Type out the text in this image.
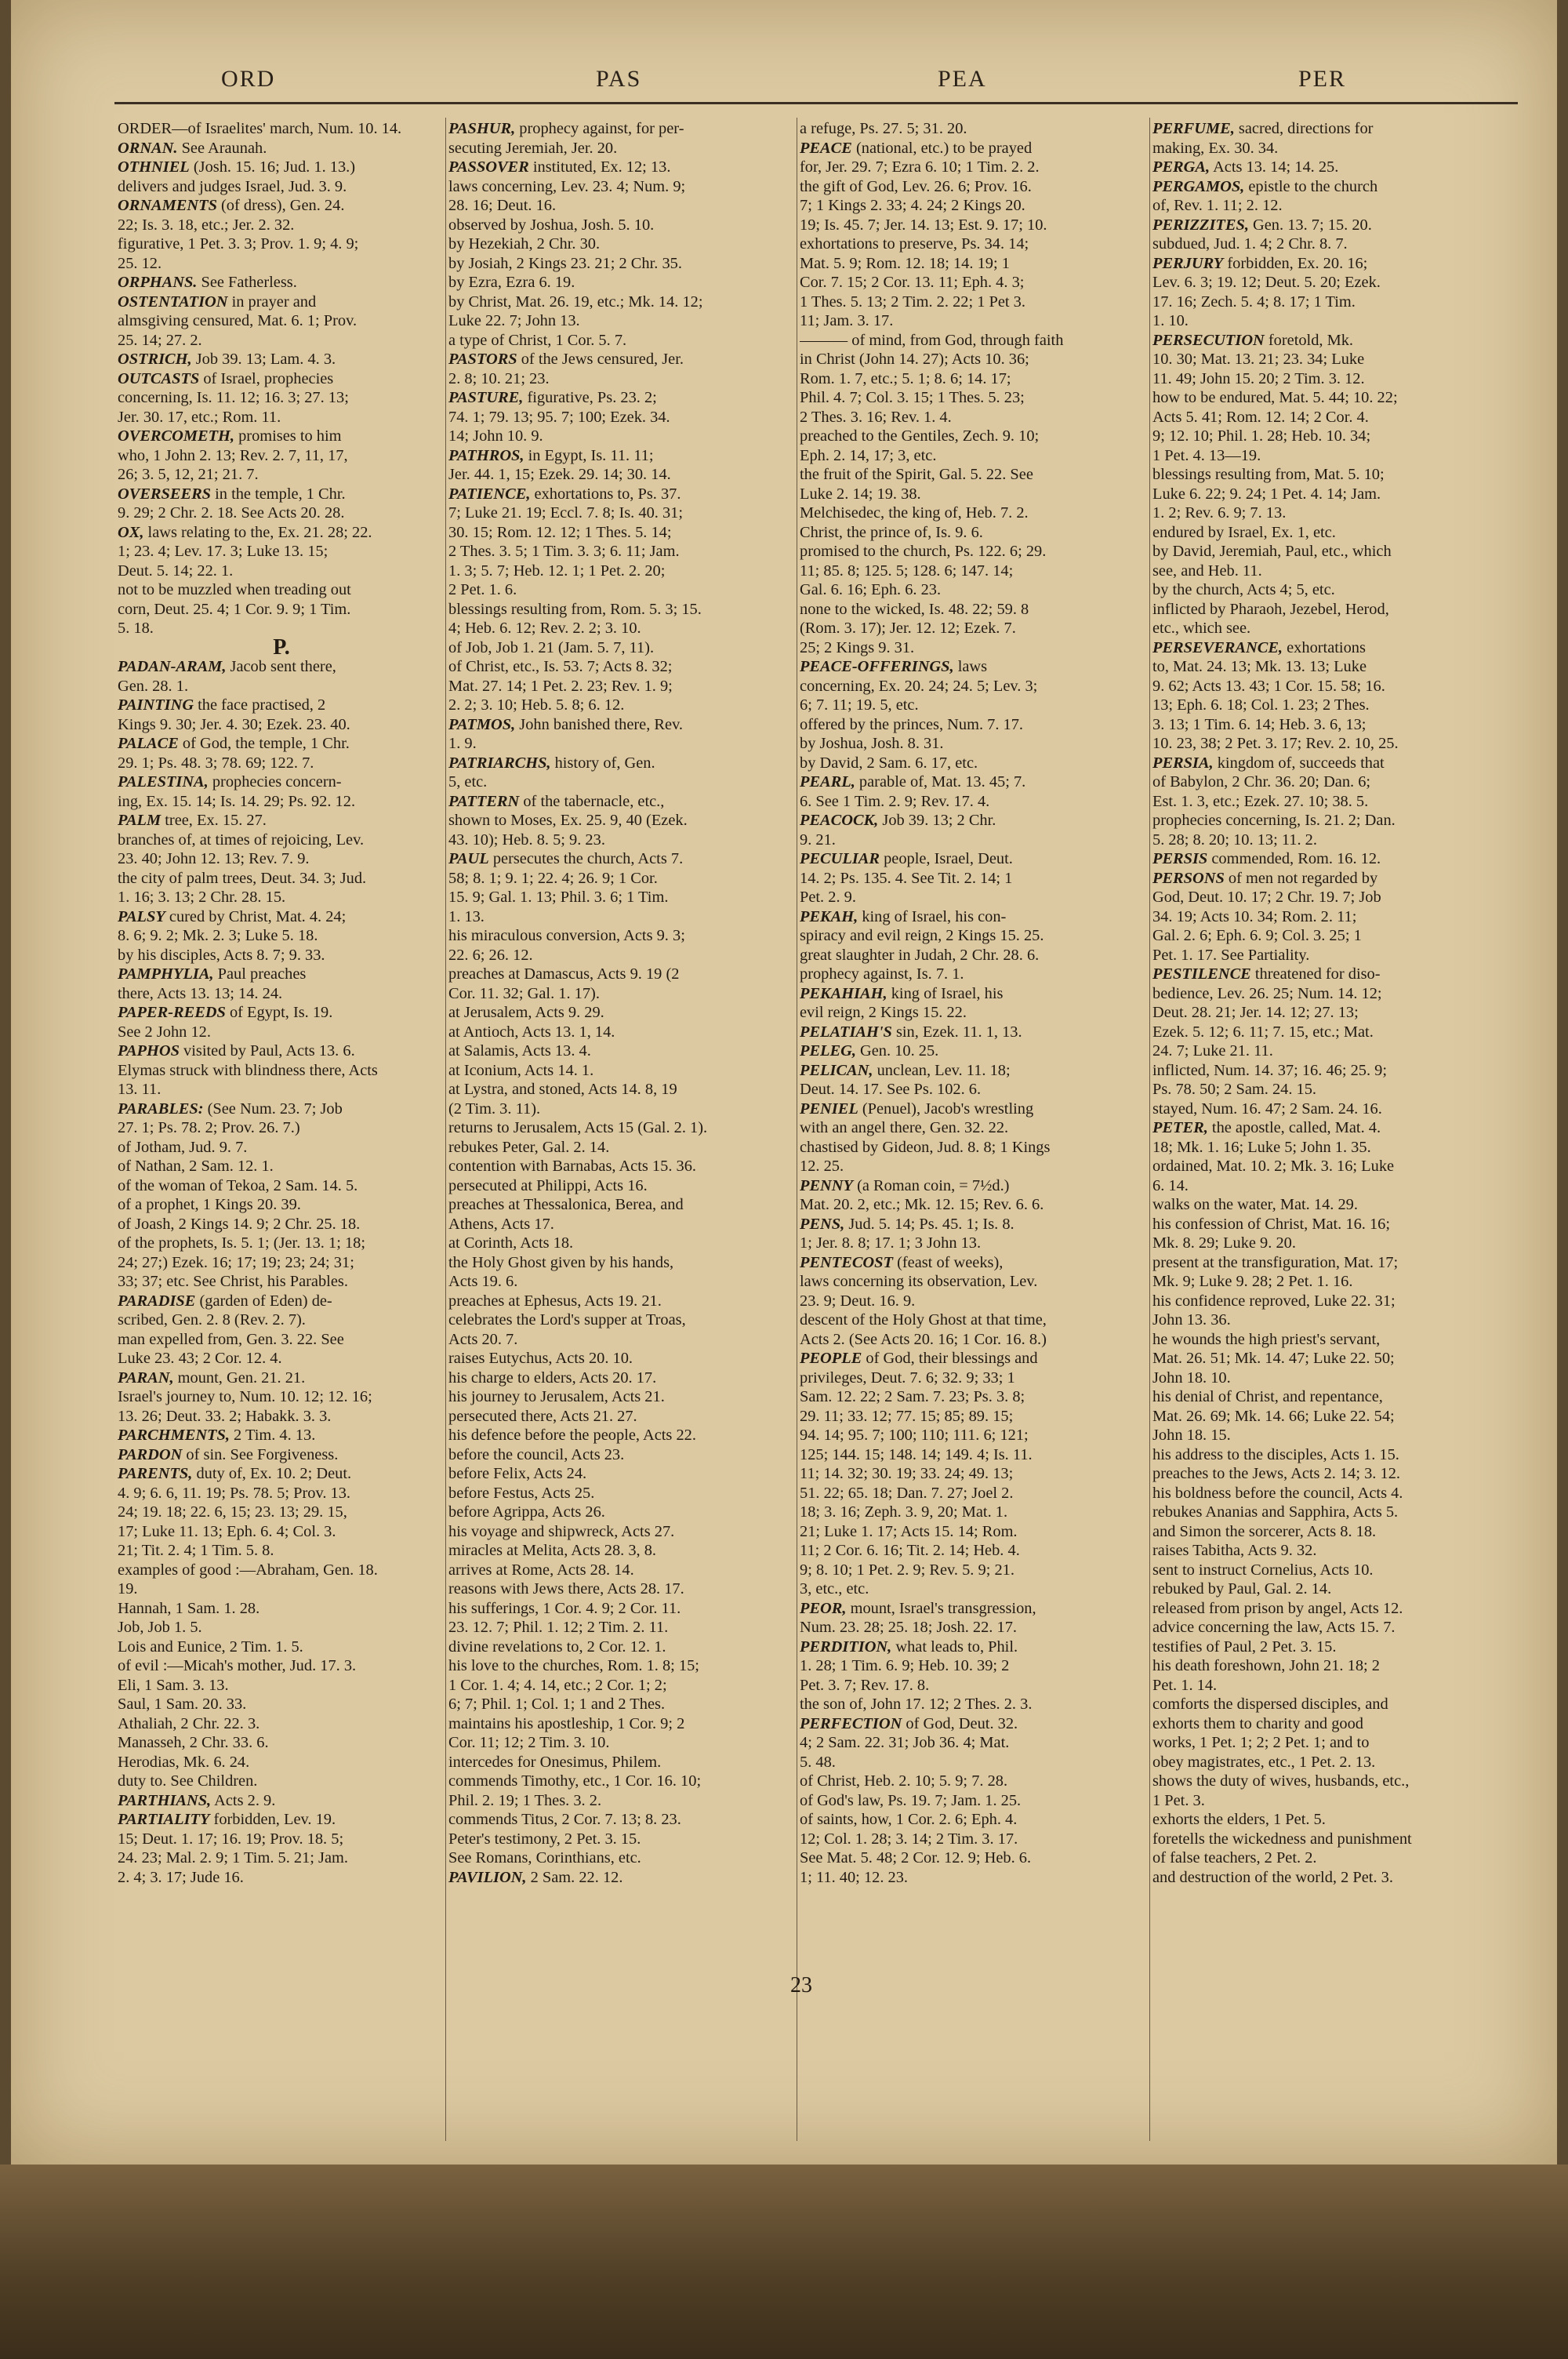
ORD	PAS	PEA	PER
ORDER—of Israelites' march, Num. 10. 14.
ORNAN. See Araunah.
OTHNIEL (Josh. 15. 16; Jud. 1. 13.)
delivers and judges Israel, Jud. 3. 9.
ORNAMENTS (of dress), Gen. 24.
22; Is. 3. 18, etc.; Jer. 2. 32.
figurative, 1 Pet. 3. 3; Prov. 1. 9; 4. 9;
25. 12.
ORPHANS. See Fatherless.
OSTENTATION in prayer and
almsgiving censured, Mat. 6. 1; Prov.
25. 14; 27. 2.
OSTRICH, Job 39. 13; Lam. 4. 3.
OUTCASTS of Israel, prophecies
concerning, Is. 11. 12; 16. 3; 27. 13;
Jer. 30. 17, etc.; Rom. 11.
OVERCOMETH, promises to him
who, 1 John 2. 13; Rev. 2. 7, 11, 17,
26; 3. 5, 12, 21; 21. 7.
OVERSEERS in the temple, 1 Chr.
9. 29; 2 Chr. 2. 18. See Acts 20. 28.
OX, laws relating to the, Ex. 21. 28; 22.
1; 23. 4; Lev. 17. 3; Luke 13. 15;
Deut. 5. 14; 22. 1.
not to be muzzled when treading out
corn, Deut. 25. 4; 1 Cor. 9. 9; 1 Tim.
5. 18.
P.
PADAN-ARAM, Jacob sent there,
Gen. 28. 1.
PAINTING the face practised, 2
Kings 9. 30; Jer. 4. 30; Ezek. 23. 40.
PALACE of God, the temple, 1 Chr.
29. 1; Ps. 48. 3; 78. 69; 122. 7.
PALESTINA, prophecies concern-
ing, Ex. 15. 14; Is. 14. 29; Ps. 92. 12.
PALM tree, Ex. 15. 27.
branches of, at times of rejoicing, Lev.
23. 40; John 12. 13; Rev. 7. 9.
the city of palm trees, Deut. 34. 3; Jud.
1. 16; 3. 13; 2 Chr. 28. 15.
PALSY cured by Christ, Mat. 4. 24;
8. 6; 9. 2; Mk. 2. 3; Luke 5. 18.
by his disciples, Acts 8. 7; 9. 33.
PAMPHYLIA, Paul preaches
there, Acts 13. 13; 14. 24.
PAPER-REEDS of Egypt, Is. 19.
See 2 John 12.
PAPHOS visited by Paul, Acts 13. 6.
Elymas struck with blindness there, Acts
13. 11.
PARABLES: (See Num. 23. 7; Job
27. 1; Ps. 78. 2; Prov. 26. 7.)
of Jotham, Jud. 9. 7.
of Nathan, 2 Sam. 12. 1.
of the woman of Tekoa, 2 Sam. 14. 5.
of a prophet, 1 Kings 20. 39.
of Joash, 2 Kings 14. 9; 2 Chr. 25. 18.
of the prophets, Is. 5. 1; (Jer. 13. 1; 18;
24; 27;) Ezek. 16; 17; 19; 23; 24; 31;
33; 37; etc. See Christ, his Parables.
PARADISE (garden of Eden) de-
scribed, Gen. 2. 8 (Rev. 2. 7).
man expelled from, Gen. 3. 22. See
Luke 23. 43; 2 Cor. 12. 4.
PARAN, mount, Gen. 21. 21.
Israel's journey to, Num. 10. 12; 12. 16;
13. 26; Deut. 33. 2; Habakk. 3. 3.
PARCHMENTS, 2 Tim. 4. 13.
PARDON of sin. See Forgiveness.
PARENTS, duty of, Ex. 10. 2; Deut.
4. 9; 6. 6, 11. 19; Ps. 78. 5; Prov. 13.
24; 19. 18; 22. 6, 15; 23. 13; 29. 15,
17; Luke 11. 13; Eph. 6. 4; Col. 3.
21; Tit. 2. 4; 1 Tim. 5. 8.
examples of good :—Abraham, Gen. 18.
19.
Hannah, 1 Sam. 1. 28.
Job, Job 1. 5.
Lois and Eunice, 2 Tim. 1. 5.
of evil :—Micah's mother, Jud. 17. 3.
Eli, 1 Sam. 3. 13.
Saul, 1 Sam. 20. 33.
Athaliah, 2 Chr. 22. 3.
Manasseh, 2 Chr. 33. 6.
Herodias, Mk. 6. 24.
duty to. See Children.
PARTHIANS, Acts 2. 9.
PARTIALITY forbidden, Lev. 19.
15; Deut. 1. 17; 16. 19; Prov. 18. 5;
24. 23; Mal. 2. 9; 1 Tim. 5. 21; Jam.
2. 4; 3. 17; Jude 16.
PASHUR, prophecy against, for per-
secuting Jeremiah, Jer. 20.
PASSOVER instituted, Ex. 12; 13.
laws concerning, Lev. 23. 4; Num. 9;
28. 16; Deut. 16.
observed by Joshua, Josh. 5. 10.
by Hezekiah, 2 Chr. 30.
by Josiah, 2 Kings 23. 21; 2 Chr. 35.
by Ezra, Ezra 6. 19.
by Christ, Mat. 26. 19, etc.; Mk. 14. 12;
Luke 22. 7; John 13.
a type of Christ, 1 Cor. 5. 7.
PASTORS of the Jews censured, Jer.
2. 8; 10. 21; 23.
PASTURE, figurative, Ps. 23. 2;
74. 1; 79. 13; 95. 7; 100; Ezek. 34.
14; John 10. 9.
PATHROS, in Egypt, Is. 11. 11;
Jer. 44. 1, 15; Ezek. 29. 14; 30. 14.
PATIENCE, exhortations to, Ps. 37.
7; Luke 21. 19; Eccl. 7. 8; Is. 40. 31;
30. 15; Rom. 12. 12; 1 Thes. 5. 14;
2 Thes. 3. 5; 1 Tim. 3. 3; 6. 11; Jam.
1. 3; 5. 7; Heb. 12. 1; 1 Pet. 2. 20;
2 Pet. 1. 6.
blessings resulting from, Rom. 5. 3; 15.
4; Heb. 6. 12; Rev. 2. 2; 3. 10.
of Job, Job 1. 21 (Jam. 5. 7, 11).
of Christ, etc., Is. 53. 7; Acts 8. 32;
Mat. 27. 14; 1 Pet. 2. 23; Rev. 1. 9;
2. 2; 3. 10; Heb. 5. 8; 6. 12.
PATMOS, John banished there, Rev.
1. 9.
PATRIARCHS, history of, Gen.
5, etc.
PATTERN of the tabernacle, etc.,
shown to Moses, Ex. 25. 9, 40 (Ezek.
43. 10); Heb. 8. 5; 9. 23.
PAUL persecutes the church, Acts 7.
58; 8. 1; 9. 1; 22. 4; 26. 9; 1 Cor.
15. 9; Gal. 1. 13; Phil. 3. 6; 1 Tim.
1. 13.
his miraculous conversion, Acts 9. 3;
22. 6; 26. 12.
preaches at Damascus, Acts 9. 19 (2
Cor. 11. 32; Gal. 1. 17).
at Jerusalem, Acts 9. 29.
at Antioch, Acts 13. 1, 14.
at Salamis, Acts 13. 4.
at Iconium, Acts 14. 1.
at Lystra, and stoned, Acts 14. 8, 19
(2 Tim. 3. 11).
returns to Jerusalem, Acts 15 (Gal. 2. 1).
rebukes Peter, Gal. 2. 14.
contention with Barnabas, Acts 15. 36.
persecuted at Philippi, Acts 16.
preaches at Thessalonica, Berea, and
Athens, Acts 17.
at Corinth, Acts 18.
the Holy Ghost given by his hands,
Acts 19. 6.
preaches at Ephesus, Acts 19. 21.
celebrates the Lord's supper at Troas,
Acts 20. 7.
raises Eutychus, Acts 20. 10.
his charge to elders, Acts 20. 17.
his journey to Jerusalem, Acts 21.
persecuted there, Acts 21. 27.
his defence before the people, Acts 22.
before the council, Acts 23.
before Felix, Acts 24.
before Festus, Acts 25.
before Agrippa, Acts 26.
his voyage and shipwreck, Acts 27.
miracles at Melita, Acts 28. 3, 8.
arrives at Rome, Acts 28. 14.
reasons with Jews there, Acts 28. 17.
his sufferings, 1 Cor. 4. 9; 2 Cor. 11.
23. 12. 7; Phil. 1. 12; 2 Tim. 2. 11.
divine revelations to, 2 Cor. 12. 1.
his love to the churches, Rom. 1. 8; 15;
1 Cor. 1. 4; 4. 14, etc.; 2 Cor. 1; 2;
6; 7; Phil. 1; Col. 1; 1 and 2 Thes.
maintains his apostleship, 1 Cor. 9; 2
Cor. 11; 12; 2 Tim. 3. 10.
intercedes for Onesimus, Philem.
commends Timothy, etc., 1 Cor. 16. 10;
Phil. 2. 19; 1 Thes. 3. 2.
commends Titus, 2 Cor. 7. 13; 8. 23.
Peter's testimony, 2 Pet. 3. 15.
See Romans, Corinthians, etc.
PAVILION, 2 Sam. 22. 12.
a refuge, Ps. 27. 5; 31. 20.
PEACE (national, etc.) to be prayed
for, Jer. 29. 7; Ezra 6. 10; 1 Tim. 2. 2.
the gift of God, Lev. 26. 6; Prov. 16.
7; 1 Kings 2. 33; 4. 24; 2 Kings 20.
19; Is. 45. 7; Jer. 14. 13; Est. 9. 17; 10.
exhortations to preserve, Ps. 34. 14;
Mat. 5. 9; Rom. 12. 18; 14. 19; 1
Cor. 7. 15; 2 Cor. 13. 11; Eph. 4. 3;
1 Thes. 5. 13; 2 Tim. 2. 22; 1 Pet 3.
11; Jam. 3. 17.
——— of mind, from God, through faith
in Christ (John 14. 27); Acts 10. 36;
Rom. 1. 7, etc.; 5. 1; 8. 6; 14. 17;
Phil. 4. 7; Col. 3. 15; 1 Thes. 5. 23;
2 Thes. 3. 16; Rev. 1. 4.
preached to the Gentiles, Zech. 9. 10;
Eph. 2. 14, 17; 3, etc.
the fruit of the Spirit, Gal. 5. 22. See
Luke 2. 14; 19. 38.
Melchisedec, the king of, Heb. 7. 2.
Christ, the prince of, Is. 9. 6.
promised to the church, Ps. 122. 6; 29.
11; 85. 8; 125. 5; 128. 6; 147. 14;
Gal. 6. 16; Eph. 6. 23.
none to the wicked, Is. 48. 22; 59. 8
(Rom. 3. 17); Jer. 12. 12; Ezek. 7.
25; 2 Kings 9. 31.
PEACE-OFFERINGS, laws
concerning, Ex. 20. 24; 24. 5; Lev. 3;
6; 7. 11; 19. 5, etc.
offered by the princes, Num. 7. 17.
by Joshua, Josh. 8. 31.
by David, 2 Sam. 6. 17, etc.
PEARL, parable of, Mat. 13. 45; 7.
6. See 1 Tim. 2. 9; Rev. 17. 4.
PEACOCK, Job 39. 13; 2 Chr.
9. 21.
PECULIAR people, Israel, Deut.
14. 2; Ps. 135. 4. See Tit. 2. 14; 1
Pet. 2. 9.
PEKAH, king of Israel, his con-
spiracy and evil reign, 2 Kings 15. 25.
great slaughter in Judah, 2 Chr. 28. 6.
prophecy against, Is. 7. 1.
PEKAHIAH, king of Israel, his
evil reign, 2 Kings 15. 22.
PELATIAH'S sin, Ezek. 11. 1, 13.
PELEG, Gen. 10. 25.
PELICAN, unclean, Lev. 11. 18;
Deut. 14. 17. See Ps. 102. 6.
PENIEL (Penuel), Jacob's wrestling
with an angel there, Gen. 32. 22.
chastised by Gideon, Jud. 8. 8; 1 Kings
12. 25.
PENNY (a Roman coin, = 7½d.)
Mat. 20. 2, etc.; Mk. 12. 15; Rev. 6. 6.
PENS, Jud. 5. 14; Ps. 45. 1; Is. 8.
1; Jer. 8. 8; 17. 1; 3 John 13.
PENTECOST (feast of weeks),
laws concerning its observation, Lev.
23. 9; Deut. 16. 9.
descent of the Holy Ghost at that time,
Acts 2. (See Acts 20. 16; 1 Cor. 16. 8.)
PEOPLE of God, their blessings and
privileges, Deut. 7. 6; 32. 9; 33; 1
Sam. 12. 22; 2 Sam. 7. 23; Ps. 3. 8;
29. 11; 33. 12; 77. 15; 85; 89. 15;
94. 14; 95. 7; 100; 110; 111. 6; 121;
125; 144. 15; 148. 14; 149. 4; Is. 11.
11; 14. 32; 30. 19; 33. 24; 49. 13;
51. 22; 65. 18; Dan. 7. 27; Joel 2.
18; 3. 16; Zeph. 3. 9, 20; Mat. 1.
21; Luke 1. 17; Acts 15. 14; Rom.
11; 2 Cor. 6. 16; Tit. 2. 14; Heb. 4.
9; 8. 10; 1 Pet. 2. 9; Rev. 5. 9; 21.
3, etc., etc.
PEOR, mount, Israel's transgression,
Num. 23. 28; 25. 18; Josh. 22. 17.
PERDITION, what leads to, Phil.
1. 28; 1 Tim. 6. 9; Heb. 10. 39; 2
Pet. 3. 7; Rev. 17. 8.
the son of, John 17. 12; 2 Thes. 2. 3.
PERFECTION of God, Deut. 32.
4; 2 Sam. 22. 31; Job 36. 4; Mat.
5. 48.
of Christ, Heb. 2. 10; 5. 9; 7. 28.
of God's law, Ps. 19. 7; Jam. 1. 25.
of saints, how, 1 Cor. 2. 6; Eph. 4.
12; Col. 1. 28; 3. 14; 2 Tim. 3. 17.
See Mat. 5. 48; 2 Cor. 12. 9; Heb. 6.
1; 11. 40; 12. 23.
PERFUME, sacred, directions for
making, Ex. 30. 34.
PERGA, Acts 13. 14; 14. 25.
PERGAMOS, epistle to the church
of, Rev. 1. 11; 2. 12.
PERIZZITES, Gen. 13. 7; 15. 20.
subdued, Jud. 1. 4; 2 Chr. 8. 7.
PERJURY forbidden, Ex. 20. 16;
Lev. 6. 3; 19. 12; Deut. 5. 20; Ezek.
17. 16; Zech. 5. 4; 8. 17; 1 Tim.
1. 10.
PERSECUTION foretold, Mk.
10. 30; Mat. 13. 21; 23. 34; Luke
11. 49; John 15. 20; 2 Tim. 3. 12.
how to be endured, Mat. 5. 44; 10. 22;
Acts 5. 41; Rom. 12. 14; 2 Cor. 4.
9; 12. 10; Phil. 1. 28; Heb. 10. 34;
1 Pet. 4. 13—19.
blessings resulting from, Mat. 5. 10;
Luke 6. 22; 9. 24; 1 Pet. 4. 14; Jam.
1. 2; Rev. 6. 9; 7. 13.
endured by Israel, Ex. 1, etc.
by David, Jeremiah, Paul, etc., which
see, and Heb. 11.
by the church, Acts 4; 5, etc.
inflicted by Pharaoh, Jezebel, Herod,
etc., which see.
PERSEVERANCE, exhortations
to, Mat. 24. 13; Mk. 13. 13; Luke
9. 62; Acts 13. 43; 1 Cor. 15. 58; 16.
13; Eph. 6. 18; Col. 1. 23; 2 Thes.
3. 13; 1 Tim. 6. 14; Heb. 3. 6, 13;
10. 23, 38; 2 Pet. 3. 17; Rev. 2. 10, 25.
PERSIA, kingdom of, succeeds that
of Babylon, 2 Chr. 36. 20; Dan. 6;
Est. 1. 3, etc.; Ezek. 27. 10; 38. 5.
prophecies concerning, Is. 21. 2; Dan.
5. 28; 8. 20; 10. 13; 11. 2.
PERSIS commended, Rom. 16. 12.
PERSONS of men not regarded by
God, Deut. 10. 17; 2 Chr. 19. 7; Job
34. 19; Acts 10. 34; Rom. 2. 11;
Gal. 2. 6; Eph. 6. 9; Col. 3. 25; 1
Pet. 1. 17. See Partiality.
PESTILENCE threatened for diso-
bedience, Lev. 26. 25; Num. 14. 12;
Deut. 28. 21; Jer. 14. 12; 27. 13;
Ezek. 5. 12; 6. 11; 7. 15, etc.; Mat.
24. 7; Luke 21. 11.
inflicted, Num. 14. 37; 16. 46; 25. 9;
Ps. 78. 50; 2 Sam. 24. 15.
stayed, Num. 16. 47; 2 Sam. 24. 16.
PETER, the apostle, called, Mat. 4.
18; Mk. 1. 16; Luke 5; John 1. 35.
ordained, Mat. 10. 2; Mk. 3. 16; Luke
6. 14.
walks on the water, Mat. 14. 29.
his confession of Christ, Mat. 16. 16;
Mk. 8. 29; Luke 9. 20.
present at the transfiguration, Mat. 17;
Mk. 9; Luke 9. 28; 2 Pet. 1. 16.
his confidence reproved, Luke 22. 31;
John 13. 36.
he wounds the high priest's servant,
Mat. 26. 51; Mk. 14. 47; Luke 22. 50;
John 18. 10.
his denial of Christ, and repentance,
Mat. 26. 69; Mk. 14. 66; Luke 22. 54;
John 18. 15.
his address to the disciples, Acts 1. 15.
preaches to the Jews, Acts 2. 14; 3. 12.
his boldness before the council, Acts 4.
rebukes Ananias and Sapphira, Acts 5.
and Simon the sorcerer, Acts 8. 18.
raises Tabitha, Acts 9. 32.
sent to instruct Cornelius, Acts 10.
rebuked by Paul, Gal. 2. 14.
released from prison by angel, Acts 12.
advice concerning the law, Acts 15. 7.
testifies of Paul, 2 Pet. 3. 15.
his death foreshown, John 21. 18; 2
Pet. 1. 14.
comforts the dispersed disciples, and
exhorts them to charity and good
works, 1 Pet. 1; 2; 2 Pet. 1; and to
obey magistrates, etc., 1 Pet. 2. 13.
shows the duty of wives, husbands, etc.,
1 Pet. 3.
exhorts the elders, 1 Pet. 5.
foretells the wickedness and punishment
of false teachers, 2 Pet. 2.
and destruction of the world, 2 Pet. 3.
23
